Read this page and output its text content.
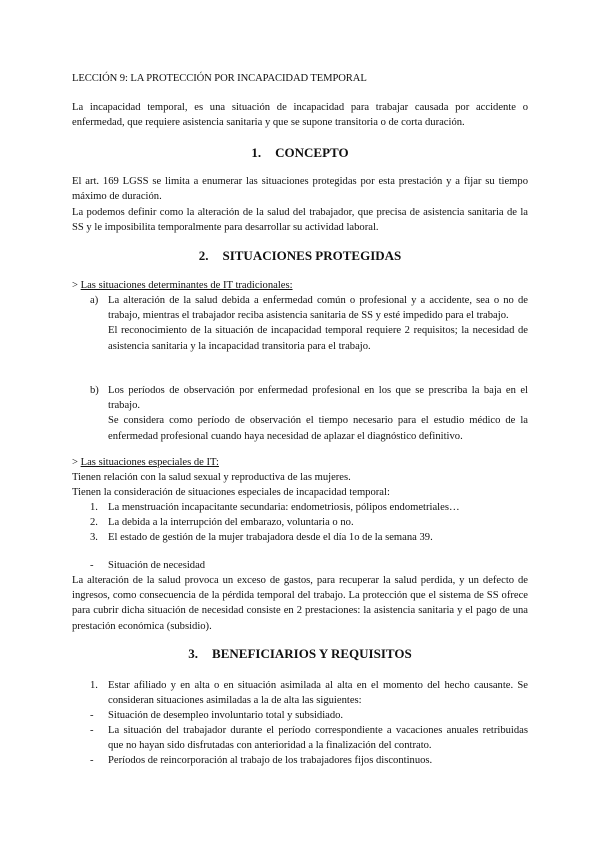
LECCIÓN 9: LA PROTECCIÓN POR INCAPACIDAD TEMPORAL
La incapacidad temporal, es una situación de incapacidad para trabajar causada por accidente o enfermedad, que requiere asistencia sanitaria y que se supone transitoria o de corta duración.
1. CONCEPTO
El art. 169 LGSS se limita a enumerar las situaciones protegidas por esta prestación y a fijar su tiempo máximo de duración.
La podemos definir como la alteración de la salud del trabajador, que precisa de asistencia sanitaria de la SS y le imposibilita temporalmente para desarrollar su actividad laboral.
2. SITUACIONES PROTEGIDAS
> Las situaciones determinantes de IT tradicionales:
a) La alteración de la salud debida a enfermedad común o profesional y a accidente, sea o no de trabajo, mientras el trabajador reciba asistencia sanitaria de SS y esté impedido para el trabajo.
El reconocimiento de la situación de incapacidad temporal requiere 2 requisitos; la necesidad de asistencia sanitaria y la incapacidad transitoria para el trabajo.
b) Los períodos de observación por enfermedad profesional en los que se prescriba la baja en el trabajo.
Se considera como período de observación el tiempo necesario para el estudio médico de la enfermedad profesional cuando haya necesidad de aplazar el diagnóstico definitivo.
> Las situaciones especiales de IT:
Tienen relación con la salud sexual y reproductiva de las mujeres.
Tienen la consideración de situaciones especiales de incapacidad temporal:
1. La menstruación incapacitante secundaria: endometriosis, pólipos endometriales…
2. La debida a la interrupción del embarazo, voluntaria o no.
3. El estado de gestión de la mujer trabajadora desde el día 1o de la semana 39.
- Situación de necesidad
La alteración de la salud provoca un exceso de gastos, para recuperar la salud perdida, y un defecto de ingresos, como consecuencia de la pérdida temporal del trabajo. La protección que el sistema de SS ofrece para cubrir dicha situación de necesidad consiste en 2 prestaciones: la asistencia sanitaria y el pago de una prestación económica (subsidio).
3. BENEFICIARIOS Y REQUISITOS
1. Estar afiliado y en alta o en situación asimilada al alta en el momento del hecho causante. Se consideran situaciones asimiladas a la de alta las siguientes:
- Situación de desempleo involuntario total y subsidiado.
- La situación del trabajador durante el período correspondiente a vacaciones anuales retribuidas que no hayan sido disfrutadas con anterioridad a la finalización del contrato.
- Períodos de reincorporación al trabajo de los trabajadores fijos discontinuos.
